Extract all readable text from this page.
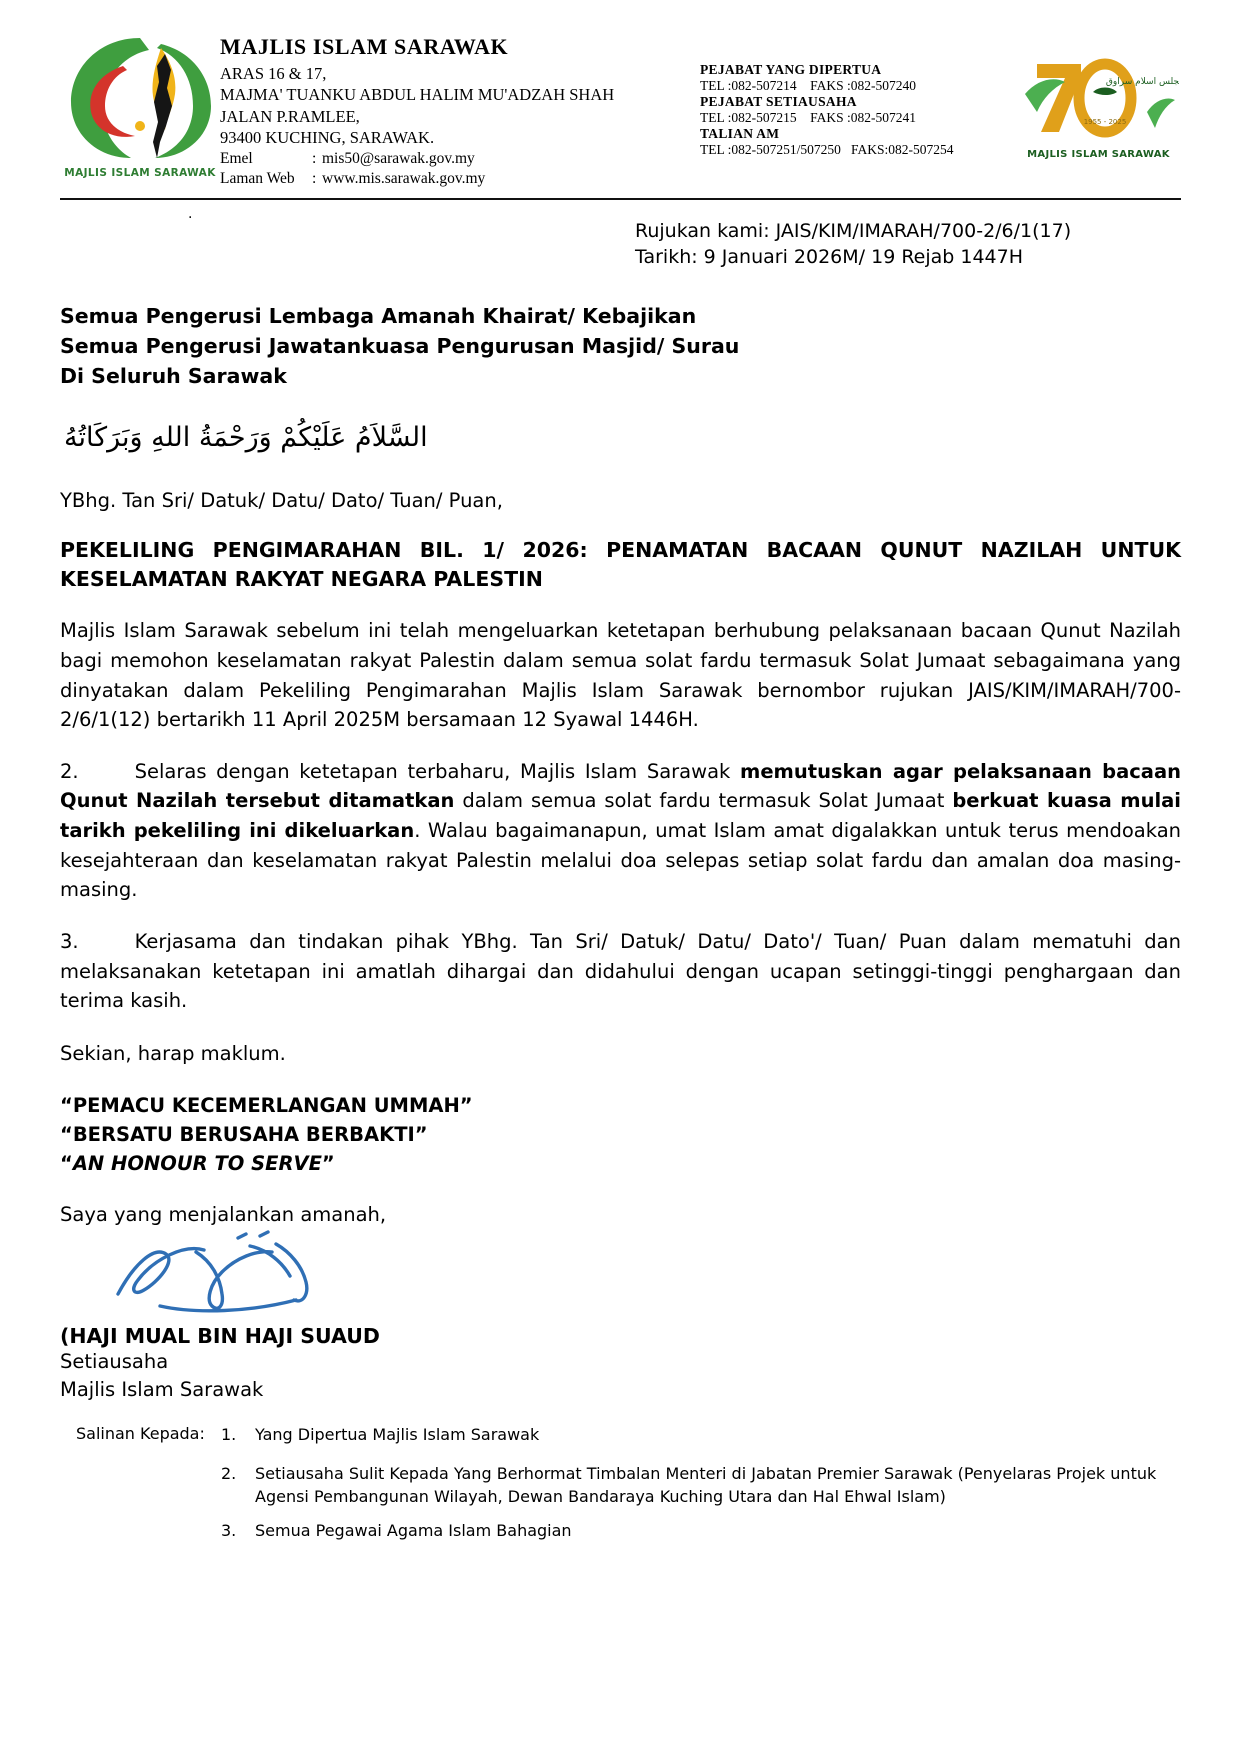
MAJLIS ISLAM SARAWAK
MAJLIS ISLAM SARAWAK
ARAS 16 & 17,
MAJMA' TUANKU ABDUL HALIM MU'ADZAH SHAH
JALAN P.RAMLEE,
93400 KUCHING, SARAWAK.
Emel	: mis50@sarawak.gov.my
Laman Web	: www.mis.sarawak.gov.my
PEJABAT YANG DIPERTUA
TEL :082-507214    FAKS :082-507240
PEJABAT SETIAUSAHA
TEL :082-507215    FAKS :082-507241
TALIAN AM
TEL :082-507251/507250   FAKS:082-507254
1955 - 2025
مجلس اسلام سراوق
MAJLIS ISLAM SARAWAK
.
Rujukan kami: JAIS/KIM/IMARAH/700-2/6/1(17)
Tarikh: 9 Januari 2026M/ 19 Rejab 1447H
Semua Pengerusi Lembaga Amanah Khairat/ Kebajikan
Semua Pengerusi Jawatankuasa Pengurusan Masjid/ Surau
Di Seluruh Sarawak
السَّلاَمُ عَلَيْكُمْ وَرَحْمَةُ اللهِ وَبَرَكَاتُهُ
YBhg. Tan Sri/ Datuk/ Datu/ Dato/ Tuan/ Puan,
PEKELILING PENGIMARAHAN BIL. 1/ 2026: PENAMATAN BACAAN QUNUT NAZILAH UNTUK KESELAMATAN RAKYAT NEGARA PALESTIN

Majlis Islam Sarawak sebelum ini telah mengeluarkan ketetapan berhubung pelaksanaan bacaan Qunut Nazilah bagi memohon keselamatan rakyat Palestin dalam semua solat fardu termasuk Solat Jumaat sebagaimana yang dinyatakan dalam Pekeliling Pengimarahan Majlis Islam Sarawak bernombor rujukan JAIS/KIM/IMARAH/700-2/6/1(12) bertarikh 11 April 2025M bersamaan 12 Syawal 1446H.

2.	Selaras dengan ketetapan terbaharu, Majlis Islam Sarawak memutuskan agar pelaksanaan bacaan Qunut Nazilah tersebut ditamatkan dalam semua solat fardu termasuk Solat Jumaat berkuat kuasa mulai tarikh pekeliling ini dikeluarkan. Walau bagaimanapun, umat Islam amat digalakkan untuk terus mendoakan kesejahteraan dan keselamatan rakyat Palestin melalui doa selepas setiap solat fardu dan amalan doa masing-masing.

3.	Kerjasama dan tindakan pihak YBhg. Tan Sri/ Datuk/ Datu/ Dato'/ Tuan/ Puan dalam mematuhi dan melaksanakan ketetapan ini amatlah dihargai dan didahului dengan ucapan setinggi-tinggi penghargaan dan terima kasih.

Sekian, harap maklum.
“PEMACU KECEMERLANGAN UMMAH”
“BERSATU BERUSAHA BERBAKTI”
“AN HONOUR TO SERVE”
Saya yang menjalankan amanah,
(HAJI MUAL BIN HAJI SUAUD
Setiausaha
Majlis Islam Sarawak
Salinan Kepada:	1.	Yang Dipertua Majlis Islam Sarawak
2.	Setiausaha Sulit Kepada Yang Berhormat Timbalan Menteri di Jabatan Premier Sarawak (Penyelaras Projek untuk Agensi Pembangunan Wilayah, Dewan Bandaraya Kuching Utara dan Hal Ehwal Islam)
3.	Semua Pegawai Agama Islam Bahagian
